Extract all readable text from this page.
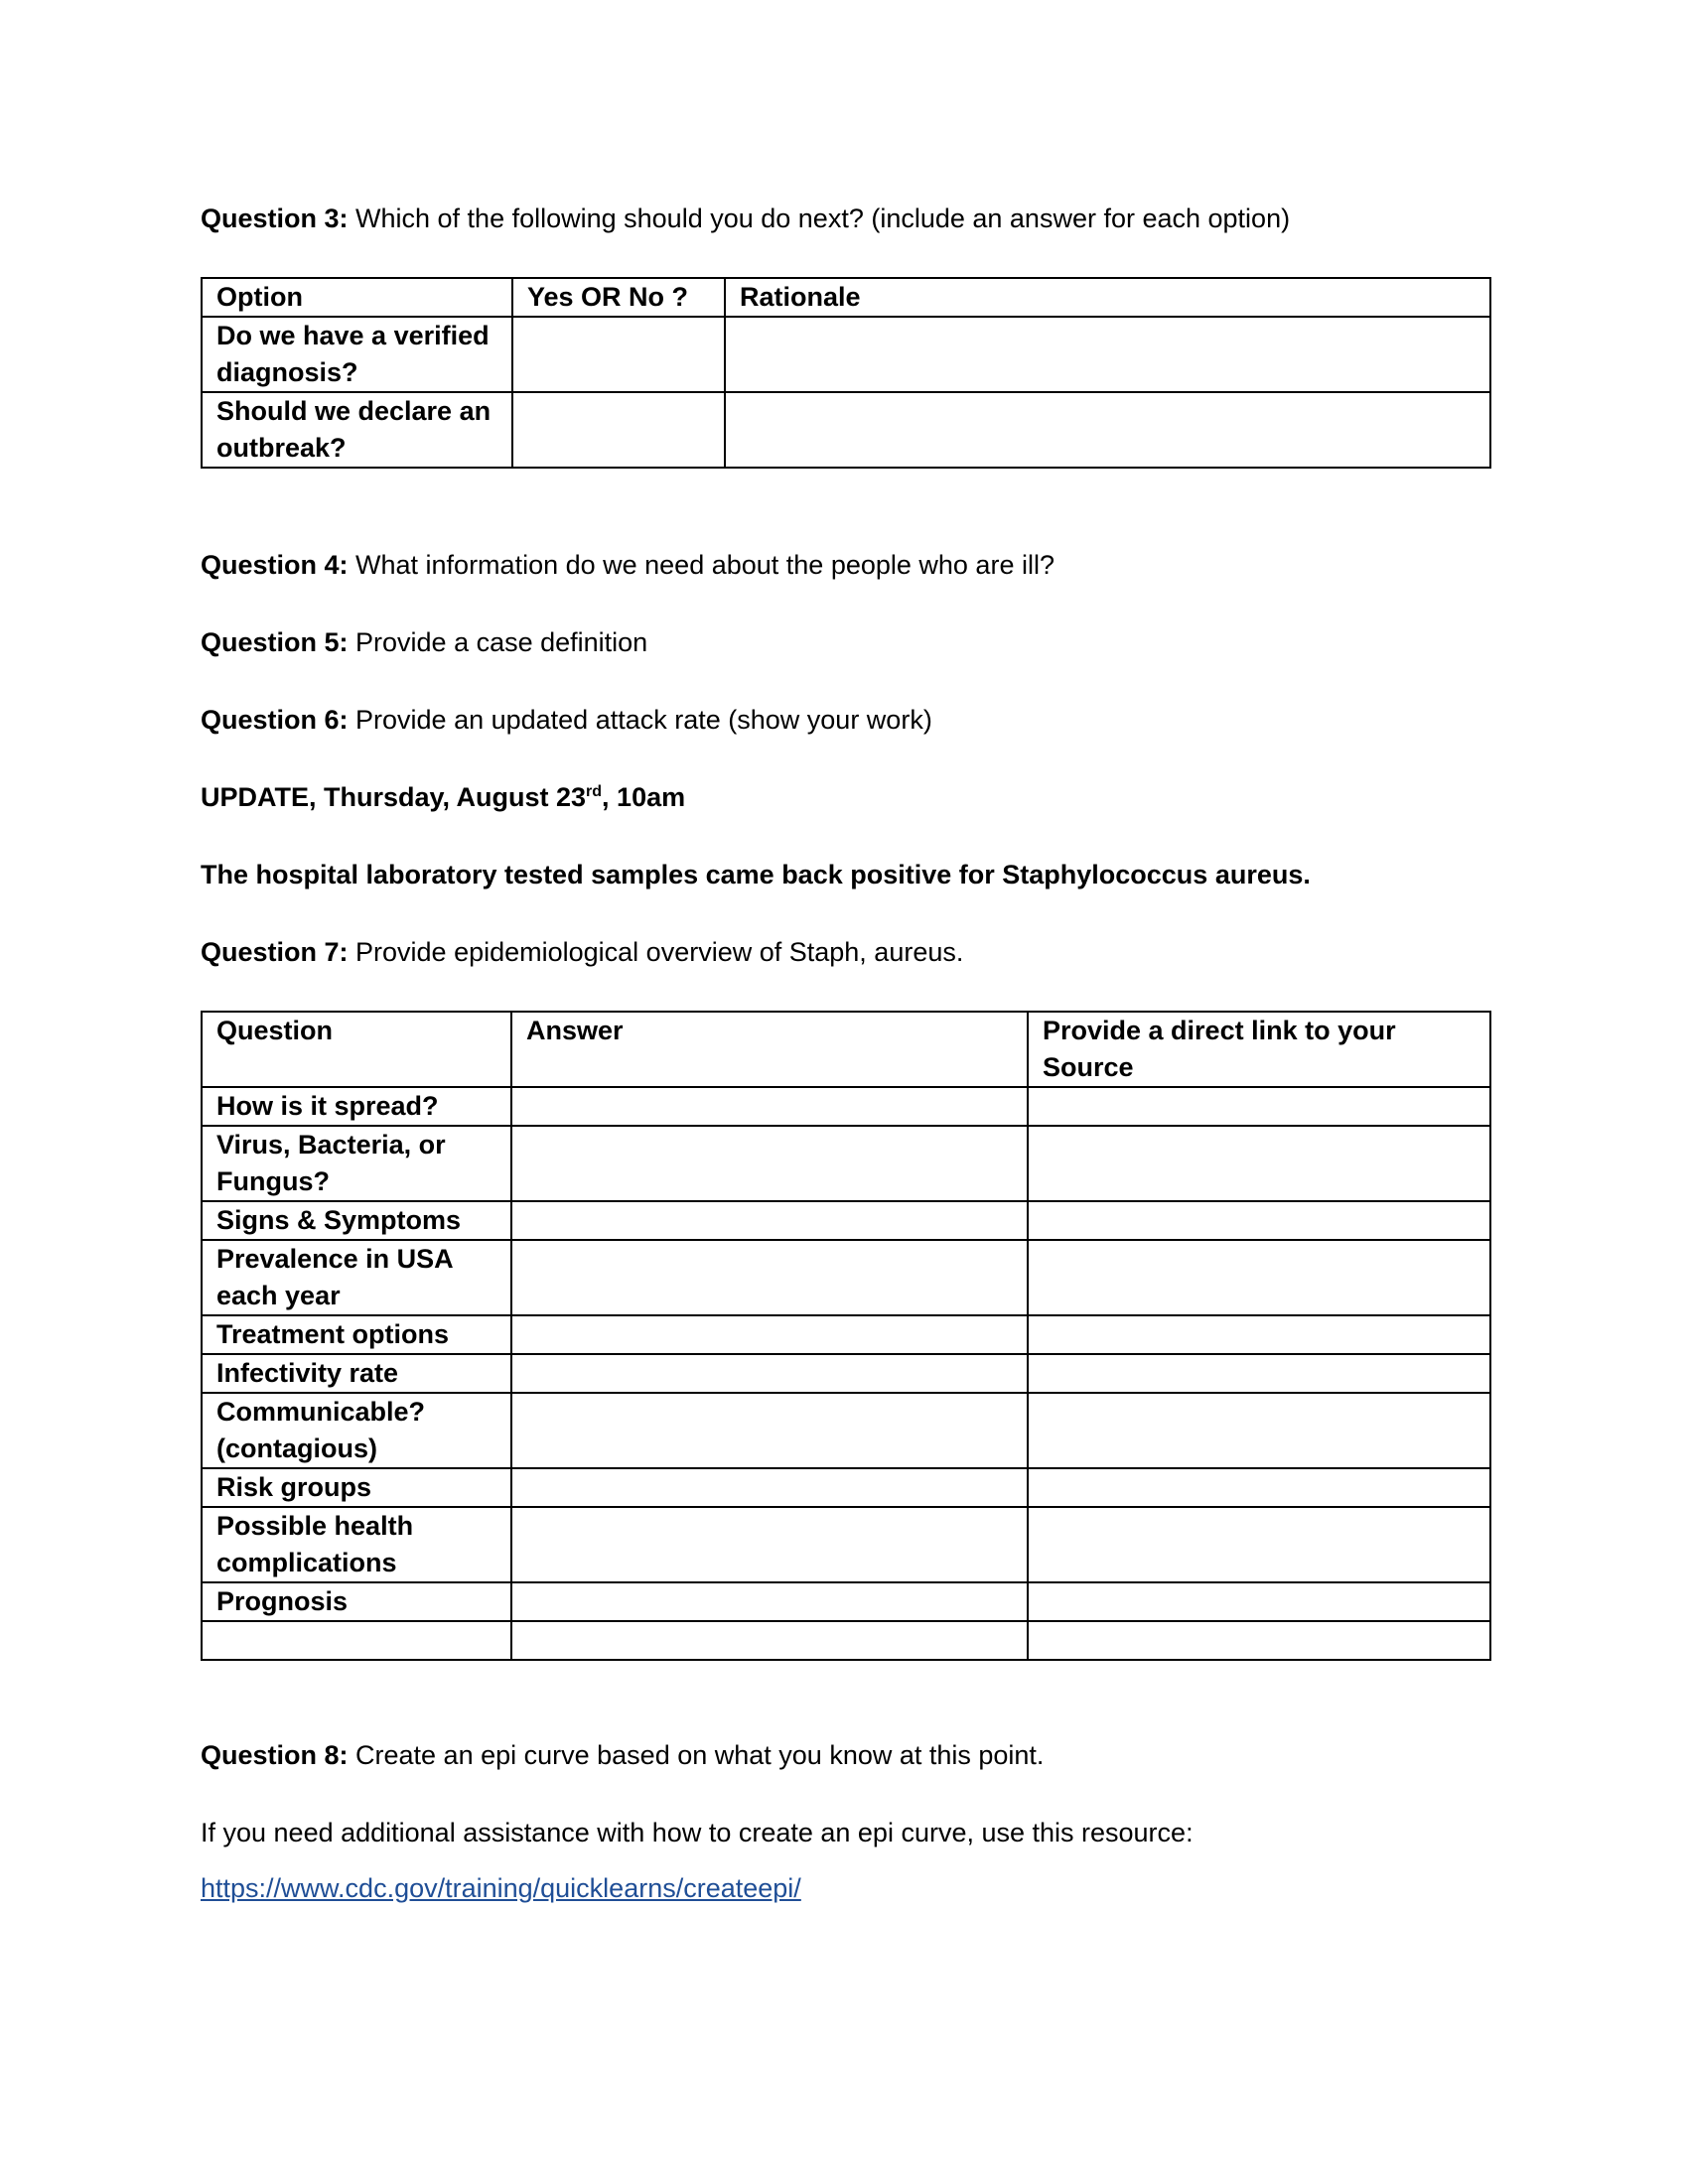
Question 3: Which of the following should you do next? (include an answer for each option)
Option	Yes OR No ?	Rationale
Do we have a verified diagnosis?		
Should we declare an outbreak?		
Question 4: What information do we need about the people who are ill?
Question 5: Provide a case definition
Question 6: Provide an updated attack rate (show your work)
UPDATE, Thursday, August 23rd, 10am
The hospital laboratory tested samples came back positive for Staphylococcus aureus.
Question 7: Provide epidemiological overview of Staph, aureus.
Question	Answer	Provide a direct link to your Source
How is it spread?		
Virus, Bacteria, or Fungus?		
Signs & Symptoms		
Prevalence in USA each year		
Treatment options		
Infectivity rate		
Communicable? (contagious)		
Risk groups		
Possible health complications		
Prognosis		

Question 8: Create an epi curve based on what you know at this point.
If you need additional assistance with how to create an epi curve, use this resource:
https://www.cdc.gov/training/quicklearns/createepi/
